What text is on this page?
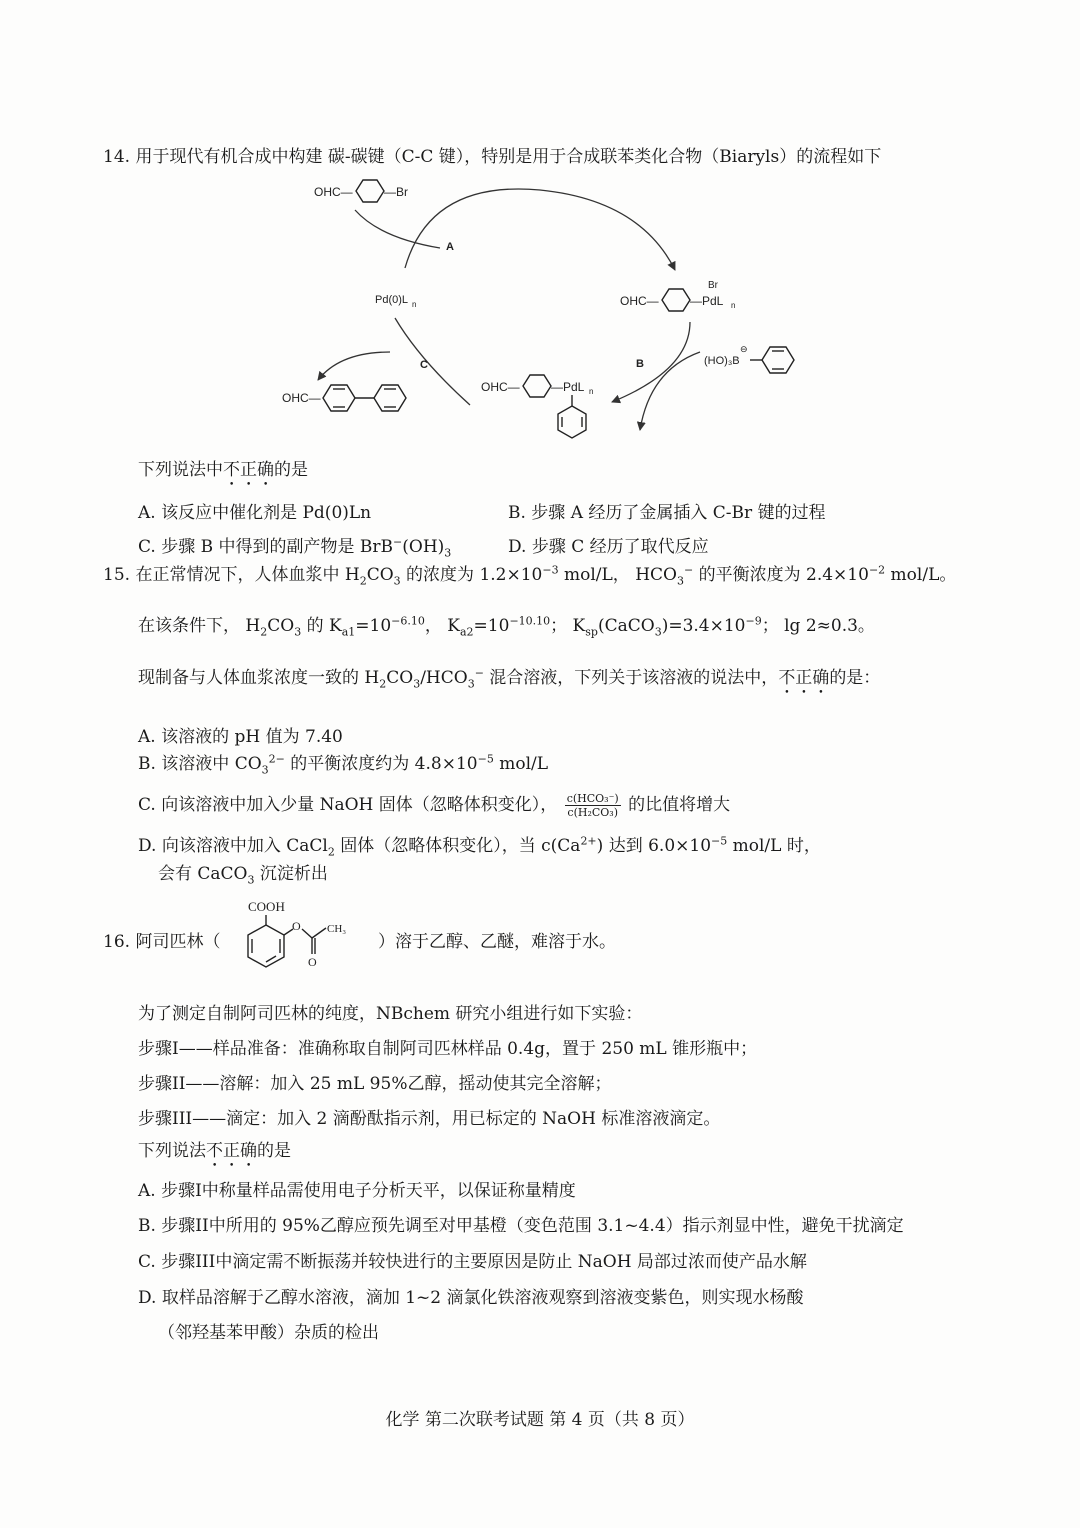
14. 用于现代有机合成中构建 碳-碳键（C-C 键），特别是用于合成联苯类化合物（Biaryls）的流程如下
OHC—	—Br
A
Pd(0)L n
Br
OHC—	—PdL n
B	(HO)₃B
⊖
OHC—	—PdL n
C
OHC—
COOH
O CH₃
O
下列说法中不正确的是
A. 该反应中催化剂是 Pd(0)Ln	B. 步骤 A 经历了金属插入 C-Br 键的过程
C. 步骤 B 中得到的副产物是 $BrB^-(OH)_3$	D. 步骤 C 经历了取代反应
15. 在正常情况下，人体血浆中 $H_2CO_3$ 的浓度为 $1.2\times 10^{-3}$ mol/L， $HCO_3^-$ 的平衡浓度为 $2.4\times 10^{-2}$ mol/L。
在该条件下， $H_2CO_3$ 的 $K_{a1}=10^{-6.10}$， $K_{a2}=10^{-10.10}$； $K_{sp}(CaCO_3)=3.4\times 10^{-9}$； lg 2≈0.3。
现制备与人体血浆浓度一致的 $H_2CO_3/HCO_3^-$ 混合溶液，下列关于该溶液的说法中，不正确的是：
A. 该溶液的 pH 值为 7.40
B. 该溶液中 $CO_3^{2-}$ 的平衡浓度约为 $4.8\times 10^{-5}$ mol/L
C. 向该溶液中加入少量 NaOH 固体（忽略体积变化）， c(HCO₃⁻)
c(H₂CO₃) 的比值将增大
D. 向该溶液中加入 CaCl$_2$ 固体（忽略体积变化），当 $c(Ca^{2+})$ 达到 $6.0\times 10^{-5}$ mol/L 时，
会有 CaCO$_3$ 沉淀析出
16. 阿司匹林（	）溶于乙醇、乙醚，难溶于水。
为了测定自制阿司匹林的纯度，NBchem 研究小组进行如下实验：
步骤I——样品准备：准确称取自制阿司匹林样品 0.4g，置于 250 mL 锥形瓶中；
步骤II——溶解：加入 25 mL 95%乙醇，摇动使其完全溶解；
步骤III——滴定：加入 2 滴酚酞指示剂，用已标定的 NaOH 标准溶液滴定。
下列说法不正确的是
A. 步骤I中称量样品需使用电子分析天平，以保证称量精度
B. 步骤II中所用的 95%乙醇应预先调至对甲基橙（变色范围 3.1~4.4）指示剂显中性，避免干扰滴定
C. 步骤III中滴定需不断振荡并较快进行的主要原因是防止 NaOH 局部过浓而使产品水解
D. 取样品溶解于乙醇水溶液，滴加 1~2 滴氯化铁溶液观察到溶液变紫色，则实现水杨酸
（邻羟基苯甲酸）杂质的检出
化学 第二次联考试题 第 4 页（共 8 页）
